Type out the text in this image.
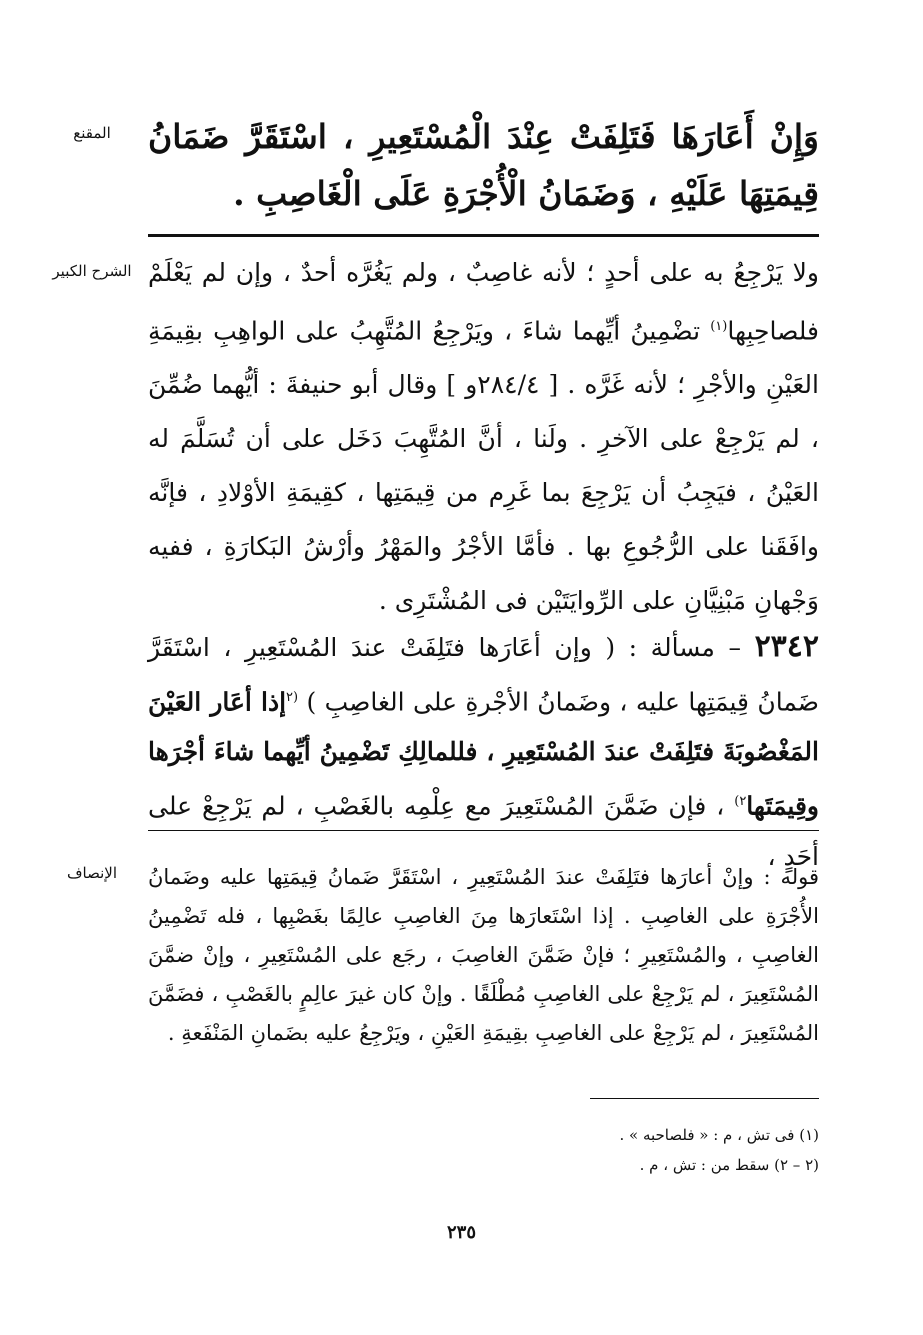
المقنع	وَإِنْ أَعَارَهَا فَتَلِفَتْ عِنْدَ الْمُسْتَعِيرِ ، اسْتَقَرَّ ضَمَانُ قِيمَتِهَا عَلَيْهِ ، وَضَمَانُ الْأُجْرَةِ عَلَى الْغَاصِبِ .
الشرح الكبير ولا يَرْجِعُ به على أحدٍ ؛ لأنه غاصِبٌ ، ولم يَغُرَّه أحدٌ ، وإن لم يَعْلَمْ فلصاحِبِها$^{(١)}$ تضْمِينُ أيِّهما شاءَ ، ويَرْجِعُ المُتَّهِبُ على الواهِبِ بقِيمَةِ العَيْنِ والأجْرِ ؛ لأنه غَرَّه . [ ٢٨٤/٤و ] وقال أبو حنيفةَ : أيُّهما ضُمِّنَ ، لم يَرْجِعْ على الآخرِ . ولَنا ، أنَّ المُتَّهِبَ دَخَل على أن تُسَلَّمَ له العَيْنُ ، فيَجِبُ أن يَرْجِعَ بما غَرِم من قِيمَتِها ، كقِيمَةِ الأوْلادِ ، فإنَّه وافَقَنا على الرُّجُوعِ بها . فأمَّا الأجْرُ والمَهْرُ وأرْشُ البَكارَةِ ، ففيه وَجْهانِ مَبْنِيَّانِ على الرِّوايَتَيْن فى المُشْتَرِى .
٢٣٤٢ – مسألة : ( وإن أعَارَها فتَلِفَتْ عندَ المُسْتَعِيرِ ، اسْتَقَرَّ ضَمانُ قِيمَتِها عليه ، وضَمانُ الأجْرةِ على الغاصِبِ ) $^{(٢}$إذا أعَار العَيْنَ المَغْصُوبَةَ فتَلِفَتْ عندَ المُسْتَعِيرِ ، فللمالِكِ تَضْمِينُ أيِّهما شاءَ أجْرَها وقِيمَتَها$^{٢)}$ ، فإن ضَمَّنَ المُسْتَعِيرَ مع عِلْمِه بالغَصْبِ ، لم يَرْجِعْ على أحَدٍ ،
الإنصاف	قوله : وإنْ أعارَها فتَلِفَتْ عندَ المُسْتَعِيرِ ، اسْتَقَرَّ ضَمانُ قِيمَتِها عليه وضَمانُ الأُجْرَةِ على الغاصِبِ . إذا اسْتَعارَها مِنَ الغاصِبِ عالِمًا بغَصْبِها ، فله تَضْمِينُ الغاصِبِ ، والمُسْتَعِيرِ ؛ فإنْ ضَمَّنَ الغاصِبَ ، رجَع على المُسْتَعِيرِ ، وإنْ ضمَّنَ المُسْتَعِيرَ ، لم يَرْجِعْ على الغاصِبِ مُطْلَقًا . وإنْ كان غيرَ عالِمٍ بالغَصْبِ ، فضَمَّنَ المُسْتَعِيرَ ، لم يَرْجِعْ على الغاصِبِ بقِيمَةِ العَيْنِ ، ويَرْجِعُ عليه بضَمانِ المَنْفَعةِ .
(١) فى تش ، م : « فلصاحبه » .
(٢ – ٢) سقط من : تش ، م .
٢٣٥
